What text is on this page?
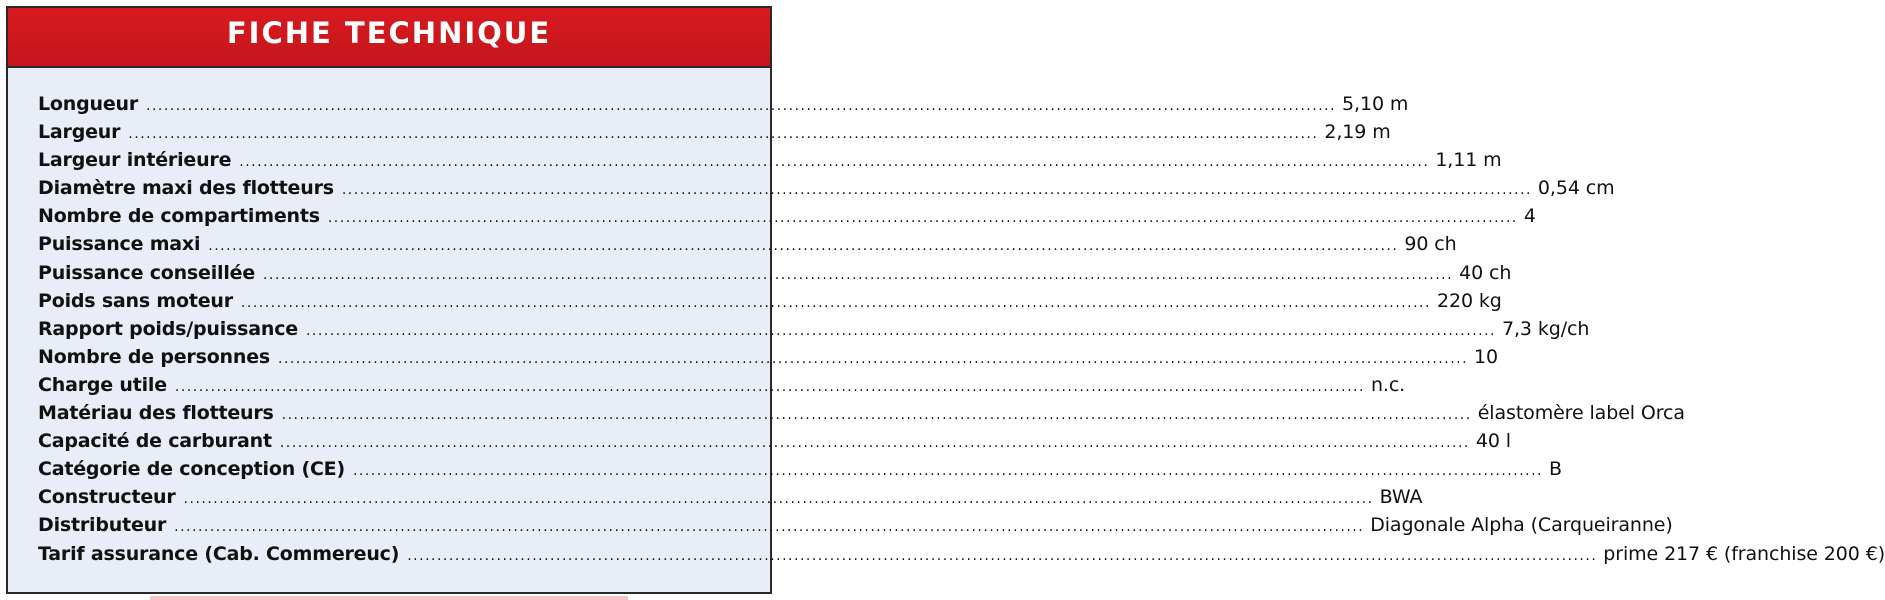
FICHE TECHNIQUE
Longueur ........................................................................................................................................................................................................ 5,10 m
Largeur ........................................................................................................................................................................................................ 2,19 m
Largeur intérieure ........................................................................................................................................................................................................ 1,11 m
Diamètre maxi des flotteurs ........................................................................................................................................................................................................ 0,54 cm
Nombre de compartiments ........................................................................................................................................................................................................ 4
Puissance maxi ........................................................................................................................................................................................................ 90 ch
Puissance conseillée ........................................................................................................................................................................................................ 40 ch
Poids sans moteur ........................................................................................................................................................................................................ 220 kg
Rapport poids/puissance ........................................................................................................................................................................................................ 7,3 kg/ch
Nombre de personnes ........................................................................................................................................................................................................ 10
Charge utile ........................................................................................................................................................................................................ n.c.
Matériau des flotteurs ........................................................................................................................................................................................................ élastomère label Orca
Capacité de carburant ........................................................................................................................................................................................................ 40 l
Catégorie de conception (CE) ........................................................................................................................................................................................................ B
Constructeur ........................................................................................................................................................................................................ BWA
Distributeur ........................................................................................................................................................................................................ Diagonale Alpha (Carqueiranne)
Tarif assurance (Cab. Commereuc) ........................................................................................................................................................................................................ prime 217 € (franchise 200 €)
